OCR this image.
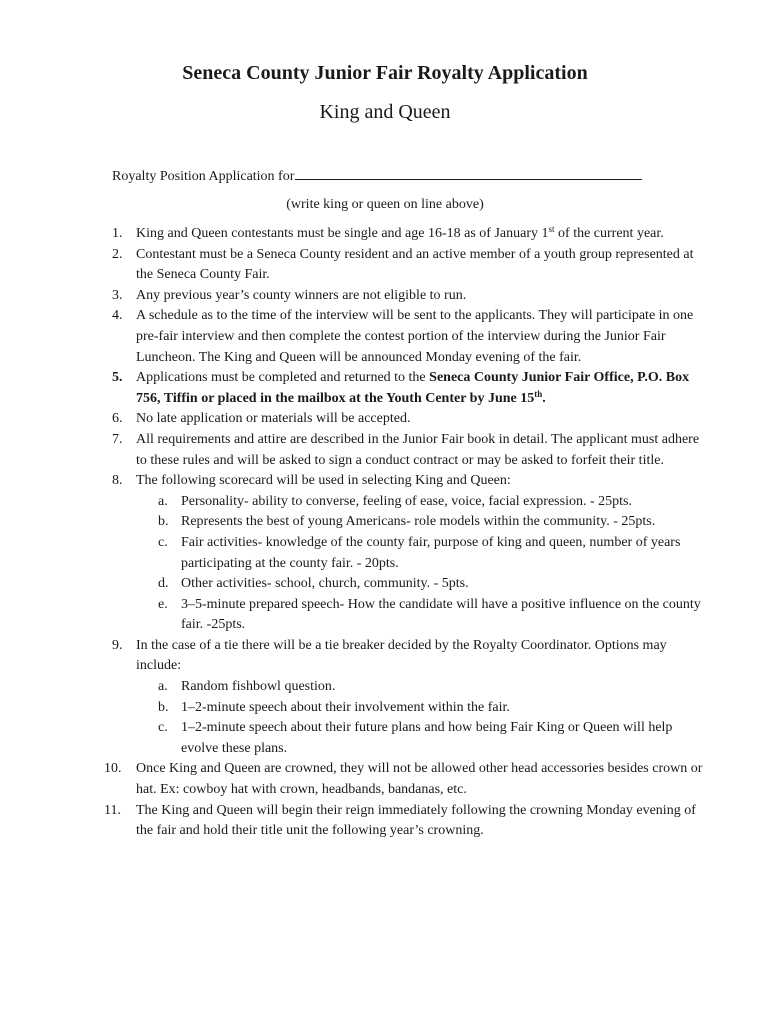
Seneca County Junior Fair Royalty Application
King and Queen
Royalty Position Application for
(write king or queen on line above)
1. King and Queen contestants must be single and age 16-18 as of January 1st of the current year.
2. Contestant must be a Seneca County resident and an active member of a youth group represented at the Seneca County Fair.
3. Any previous year’s county winners are not eligible to run.
4. A schedule as to the time of the interview will be sent to the applicants. They will participate in one pre-fair interview and then complete the contest portion of the interview during the Junior Fair Luncheon. The King and Queen will be announced Monday evening of the fair.
5. Applications must be completed and returned to the Seneca County Junior Fair Office, P.O. Box 756, Tiffin or placed in the mailbox at the Youth Center by June 15th.
6. No late application or materials will be accepted.
7. All requirements and attire are described in the Junior Fair book in detail. The applicant must adhere to these rules and will be asked to sign a conduct contract or may be asked to forfeit their title.
8. The following scorecard will be used in selecting King and Queen:
a. Personality- ability to converse, feeling of ease, voice, facial expression. - 25pts.
b. Represents the best of young Americans- role models within the community. - 25pts.
c. Fair activities- knowledge of the county fair, purpose of king and queen, number of years participating at the county fair. - 20pts.
d. Other activities- school, church, community. - 5pts.
e. 3–5-minute prepared speech- How the candidate will have a positive influence on the county fair. -25pts.
9. In the case of a tie there will be a tie breaker decided by the Royalty Coordinator. Options may include:
a. Random fishbowl question.
b. 1–2-minute speech about their involvement within the fair.
c. 1–2-minute speech about their future plans and how being Fair King or Queen will help evolve these plans.
10.	Once King and Queen are crowned, they will not be allowed other head accessories besides crown or hat. Ex: cowboy hat with crown, headbands, bandanas, etc.
11.	The King and Queen will begin their reign immediately following the crowning Monday evening of the fair and hold their title unit the following year’s crowning.
